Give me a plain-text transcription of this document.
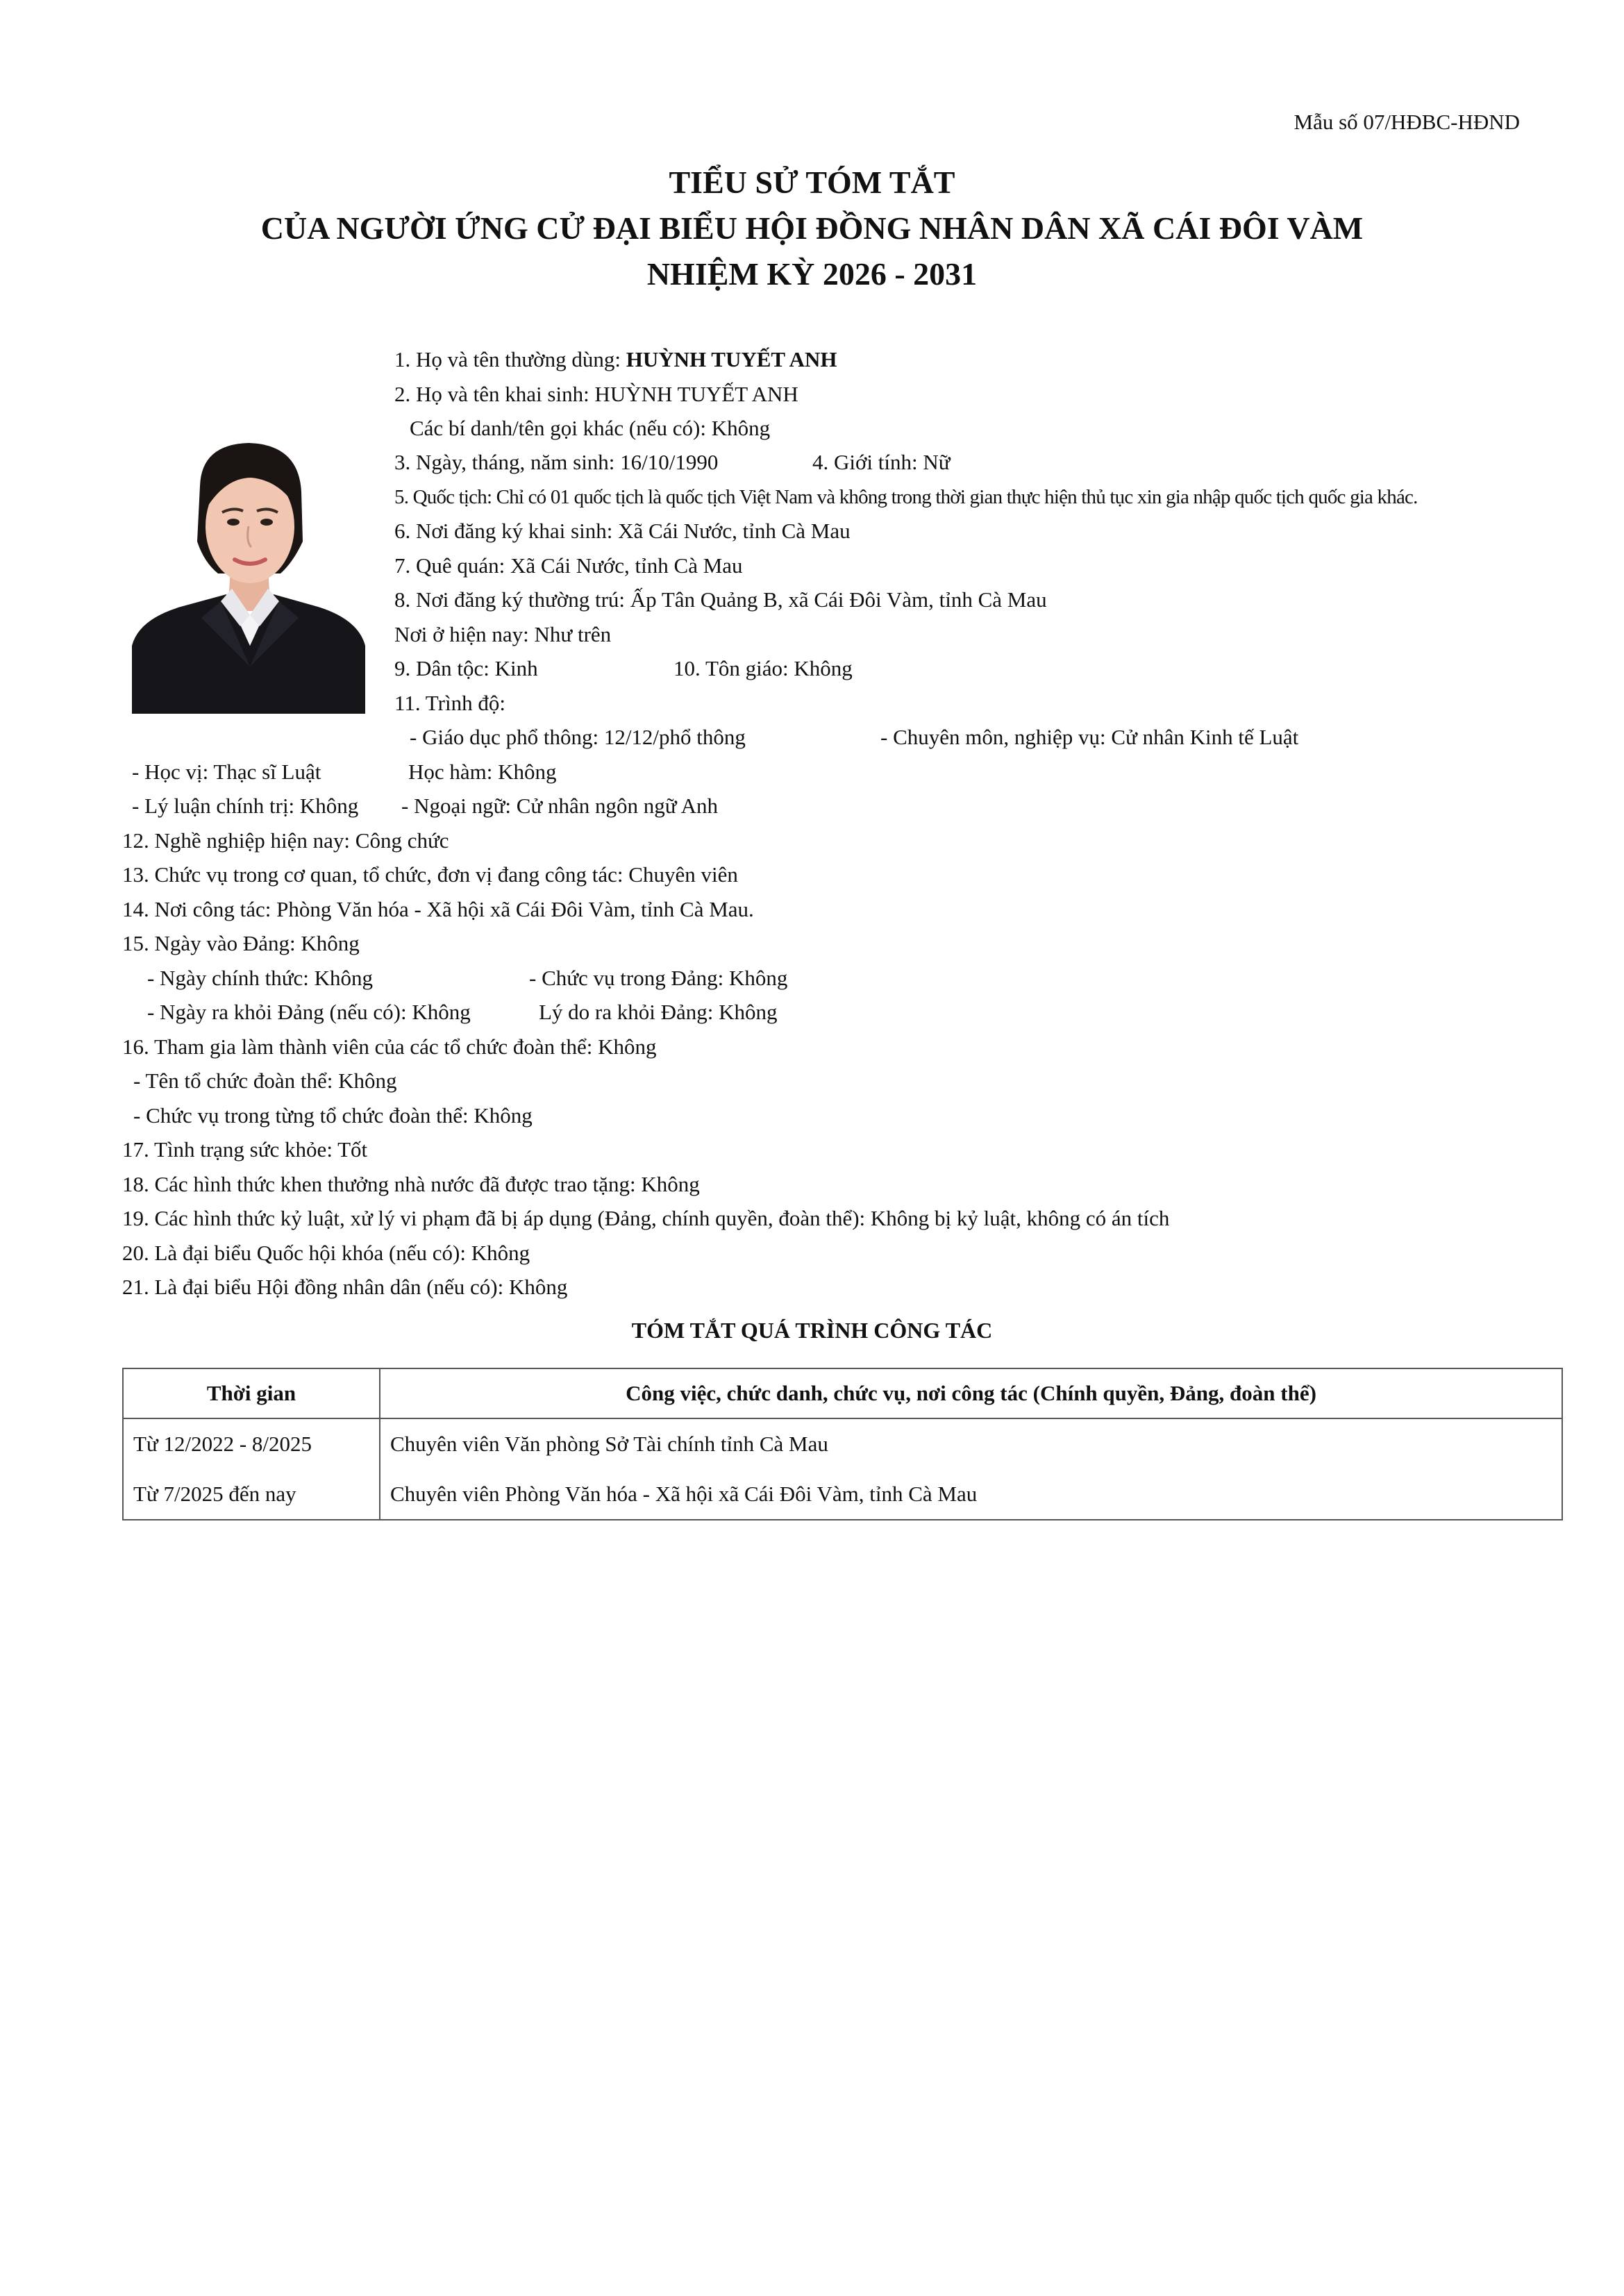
Mẫu số 07/HĐBC-HĐND
TIỂU SỬ TÓM TẮT
CỦA NGƯỜI ỨNG CỬ ĐẠI BIỂU HỘI ĐỒNG NHÂN DÂN XÃ CÁI ĐÔI VÀM
NHIỆM KỲ 2026 - 2031
1. Họ và tên thường dùng: HUỲNH TUYẾT ANH
2. Họ và tên khai sinh: HUỲNH TUYẾT ANH
Các bí danh/tên gọi khác (nếu có): Không
3. Ngày, tháng, năm sinh: 16/10/1990	4. Giới tính: Nữ
5. Quốc tịch: Chỉ có 01 quốc tịch là quốc tịch Việt Nam và không trong thời gian thực hiện thủ tục xin gia nhập quốc tịch quốc gia khác.
6. Nơi đăng ký khai sinh: Xã Cái Nước, tỉnh Cà Mau
7. Quê quán: Xã Cái Nước, tỉnh Cà Mau
8. Nơi đăng ký thường trú: Ấp Tân Quảng B, xã Cái Đôi Vàm, tỉnh Cà Mau
Nơi ở hiện nay: Như trên
9. Dân tộc: Kinh	10. Tôn giáo: Không
11. Trình độ:
- Giáo dục phổ thông: 12/12/phổ thông	- Chuyên môn, nghiệp vụ: Cử nhân Kinh tế Luật
- Học vị: Thạc sĩ Luật	Học hàm: Không
- Lý luận chính trị: Không - Ngoại ngữ: Cử nhân ngôn ngữ Anh
12. Nghề nghiệp hiện nay: Công chức
13. Chức vụ trong cơ quan, tổ chức, đơn vị đang công tác: Chuyên viên
14. Nơi công tác: Phòng Văn hóa - Xã hội xã Cái Đôi Vàm, tỉnh Cà Mau.
15. Ngày vào Đảng: Không
- Ngày chính thức: Không	- Chức vụ trong Đảng: Không
- Ngày ra khỏi Đảng (nếu có): Không	Lý do ra khỏi Đảng: Không
16. Tham gia làm thành viên của các tổ chức đoàn thể: Không
- Tên tổ chức đoàn thể: Không
- Chức vụ trong từng tổ chức đoàn thể: Không
17. Tình trạng sức khỏe: Tốt
18. Các hình thức khen thưởng nhà nước đã được trao tặng: Không
19. Các hình thức kỷ luật, xử lý vi phạm đã bị áp dụng (Đảng, chính quyền, đoàn thể): Không bị kỷ luật, không có án tích
20. Là đại biểu Quốc hội khóa (nếu có): Không
21. Là đại biểu Hội đồng nhân dân (nếu có): Không
TÓM TẮT QUÁ TRÌNH CÔNG TÁC
Thời gian	Công việc, chức danh, chức vụ, nơi công tác (Chính quyền, Đảng, đoàn thể)
Từ 12/2022 - 8/2025	Chuyên viên Văn phòng Sở Tài chính tỉnh Cà Mau
Từ 7/2025 đến nay	Chuyên viên Phòng Văn hóa - Xã hội xã Cái Đôi Vàm, tỉnh Cà Mau
